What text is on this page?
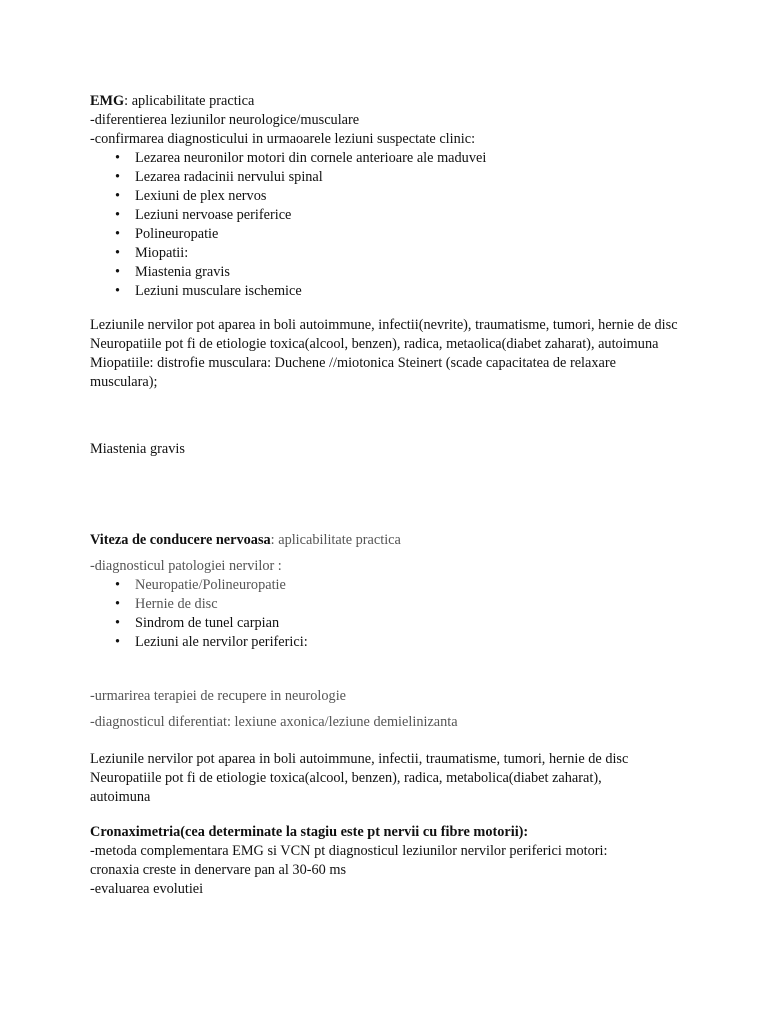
EMG: aplicabilitate practica
-diferentierea leziunilor neurologice/musculare
-confirmarea diagnosticului in urmaoarele leziuni suspectate clinic:
• Lezarea neuronilor motori din cornele anterioare ale maduvei
• Lezarea radacinii nervului spinal
• Lexiuni de plex nervos
• Leziuni nervoase periferice
• Polineuropatie
• Miopatii:
• Miastenia gravis
• Leziuni musculare ischemice
Leziunile nervilor pot aparea in boli autoimmune, infectii(nevrite), traumatisme, tumori, hernie de disc
Neuropatiile pot fi de etiologie toxica(alcool, benzen), radica, metaolica(diabet zaharat), autoimuna
Miopatiile: distrofie musculara: Duchene //miotonica Steinert (scade capacitatea de relaxare musculara);
Miastenia gravis
Viteza de conducere nervoasa: aplicabilitate practica
-diagnosticul patologiei nervilor :
• Neuropatie/Polineuropatie
• Hernie de disc
• Sindrom de tunel carpian
• Leziuni ale nervilor periferici:
-urmarirea terapiei de recupere in neurologie
-diagnosticul diferentiat: lexiune axonica/leziune demielinizanta
Leziunile nervilor pot aparea in boli autoimmune, infectii, traumatisme, tumori, hernie de disc
Neuropatiile pot fi de etiologie toxica(alcool, benzen), radica, metabolica(diabet zaharat), autoimuna
Cronaximetria(cea determinate la stagiu este pt nervii cu fibre motorii):
-metoda complementara EMG si VCN pt diagnosticul leziunilor nervilor periferici motori:
cronaxia creste in denervare pan al 30-60 ms
-evaluarea evolutiei
